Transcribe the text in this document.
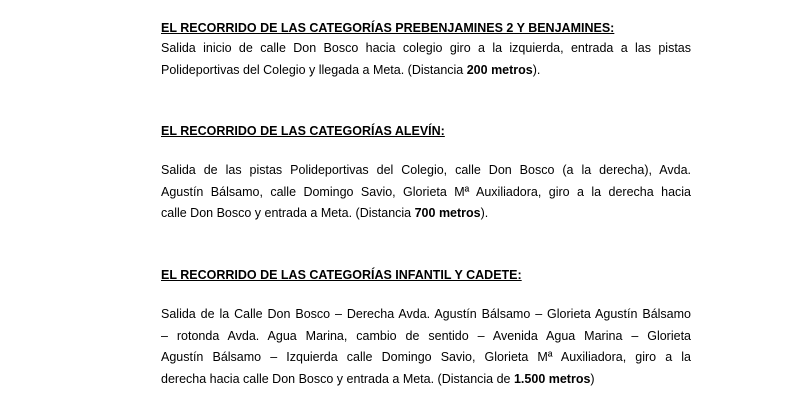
EL RECORRIDO DE LAS CATEGORÍAS PREBENJAMINES 2 Y BENJAMINES:
Salida inicio de calle Don Bosco hacia colegio giro a la izquierda, entrada a las pistas
Polideportivas del Colegio y llegada a Meta. (Distancia 200 metros).
EL RECORRIDO DE LAS CATEGORÍAS ALEVÍN:
Salida de las pistas Polideportivas del Colegio, calle Don Bosco (a la derecha), Avda.
Agustín Bálsamo, calle Domingo Savio, Glorieta Mª Auxiliadora, giro a la derecha hacia
calle Don Bosco y entrada a Meta. (Distancia 700 metros).
EL RECORRIDO DE LAS CATEGORÍAS INFANTIL Y CADETE:
Salida de la Calle Don Bosco – Derecha Avda. Agustín Bálsamo – Glorieta Agustín Bálsamo
– rotonda Avda. Agua Marina, cambio de sentido – Avenida Agua Marina – Glorieta
Agustín Bálsamo – Izquierda calle Domingo Savio, Glorieta Mª Auxiliadora, giro a la
derecha hacia calle Don Bosco y entrada a Meta. (Distancia de 1.500 metros)
